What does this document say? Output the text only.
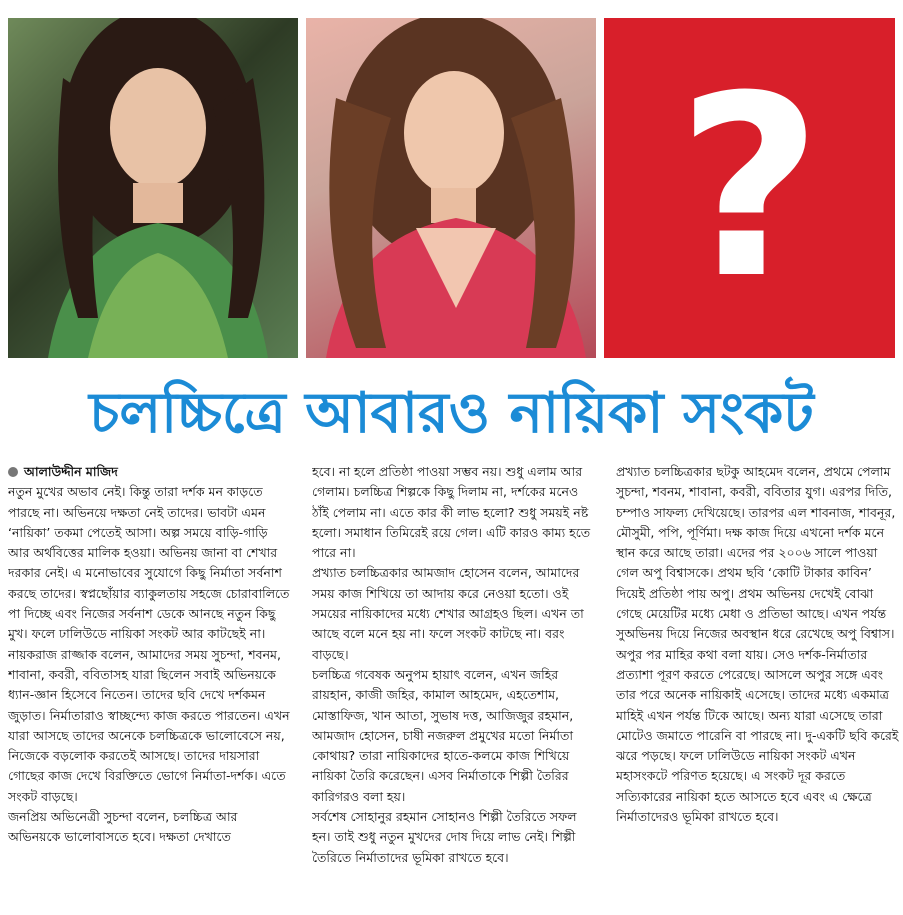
?
চলচ্চিত্রে আবারও নায়িকা সংকট
আলাউদ্দীন মাজিদ

নতুন মুখের অভাব নেই। কিন্তু তারা দর্শক মন কাড়তে পারছে না। অভিনয়ে দক্ষতা নেই তাদের। ভাবটা এমন ‘নায়িকা’ তকমা পেতেই আসা। অল্প সময়ে বাড়ি-গাড়ি আর অর্থবিত্তের মালিক হওয়া। অভিনয় জানা বা শেখার দরকার নেই। এ মনোভাবের সুযোগে কিছু নির্মাতা সর্বনাশ করছে তাদের। স্বপ্নছোঁয়ার ব্যাকুলতায় সহজে চোরাবালিতে পা দিচ্ছে এবং নিজের সর্বনাশ ডেকে আনছে নতুন কিছু মুখ। ফলে ঢালিউডে নায়িকা সংকট আর কাটছেই না।

নায়করাজ রাজ্জাক বলেন, আমাদের সময় সুচন্দা, শবনম, শাবানা, কবরী, ববিতাসহ যারা ছিলেন সবাই অভিনয়কে ধ্যান-জ্ঞান হিসেবে নিতেন। তাদের ছবি দেখে দর্শকমন জুড়াত। নির্মাতারাও স্বাচ্ছন্দ্যে কাজ করতে পারতেন। এখন যারা আসছে তাদের অনেকে চলচ্চিত্রকে ভালোবেসে নয়, নিজেকে বড়লোক করতেই আসছে। তাদের দায়সারা গোছের কাজ দেখে বিরক্তিতে ভোগে নির্মাতা-দর্শক। এতে সংকট বাড়ছে।

জনপ্রিয় অভিনেত্রী সুচন্দা বলেন, চলচ্চিত্র আর অভিনয়কে ভালোবাসতে হবে। দক্ষতা দেখাতে

হবে। না হলে প্রতিষ্ঠা পাওয়া সম্ভব নয়। শুধু এলাম আর গেলাম। চলচ্চিত্র শিল্পকে কিছু দিলাম না, দর্শকের মনেও ঠাঁই পেলাম না। এতে কার কী লাভ হলো? শুধু সময়ই নষ্ট হলো। সমাধান তিমিরেই রয়ে গেল। এটি কারও কাম্য হতে পারে না।

প্রখ্যাত চলচ্চিত্রকার আমজাদ হোসেন বলেন, আমাদের সময় কাজ শিখিয়ে তা আদায় করে নেওয়া হতো। ওই সময়ের নায়িকাদের মধ্যে শেখার আগ্রহও ছিল। এখন তা আছে বলে মনে হয় না। ফলে সংকট কাটছে না। বরং বাড়ছে।

চলচ্চিত্র গবেষক অনুপম হায়াৎ বলেন, এখন জহির রায়হান, কাজী জহির, কামাল আহমেদ, এহতেশাম, মোস্তাফিজ, খান আতা, সুভাষ দত্ত, আজিজুর রহমান, আমজাদ হোসেন, চাষী নজরুল প্রমুখের মতো নির্মাতা কোথায়? তারা নায়িকাদের হাতে-কলমে কাজ শিখিয়ে নায়িকা তৈরি করেছেন। এসব নির্মাতাকে শিল্পী তৈরির কারিগরও বলা হয়।

সর্বশেষ সোহানুর রহমান সোহানও শিল্পী তৈরিতে সফল হন। তাই শুধু নতুন মুখদের দোষ দিয়ে লাভ নেই। শিল্পী তৈরিতে নির্মাতাদের ভূমিকা রাখতে হবে।

প্রখ্যাত চলচ্চিত্রকার ছটকু আহমেদ বলেন, প্রথমে পেলাম সুচন্দা, শবনম, শাবানা, কবরী, ববিতার যুগ। এরপর দিতি, চম্পাও সাফল্য দেখিয়েছে। তারপর এল শাবনাজ, শাবনূর, মৌসুমী, পপি, পূর্ণিমা। দক্ষ কাজ দিয়ে এখনো দর্শক মনে স্থান করে আছে তারা। এদের পর ২০০৬ সালে পাওয়া গেল অপু বিশ্বাসকে। প্রথম ছবি ‘কোটি টাকার কাবিন’ দিয়েই প্রতিষ্ঠা পায় অপু। প্রথম অভিনয় দেখেই বোঝা গেছে মেয়েটির মধ্যে মেধা ও প্রতিভা আছে। এখন পর্যন্ত সুঅভিনয় দিয়ে নিজের অবস্থান ধরে রেখেছে অপু বিশ্বাস।

অপুর পর মাহির কথা বলা যায়। সেও দর্শক-নির্মাতার প্রত্যাশা পূরণ করতে পেরেছে। আসলে অপুর সঙ্গে এবং তার পরে অনেক নায়িকাই এসেছে। তাদের মধ্যে একমাত্র মাহিই এখন পর্যন্ত টিকে আছে। অন্য যারা এসেছে তারা মোটেও জমাতে পারেনি বা পারছে না। দু-একটি ছবি করেই ঝরে পড়ছে। ফলে ঢালিউডে নায়িকা সংকট এখন মহাসংকটে পরিণত হয়েছে। এ সংকট দূর করতে সত্যিকারের নায়িকা হতে আসতে হবে এবং এ ক্ষেত্রে নির্মাতাদেরও ভূমিকা রাখতে হবে।
